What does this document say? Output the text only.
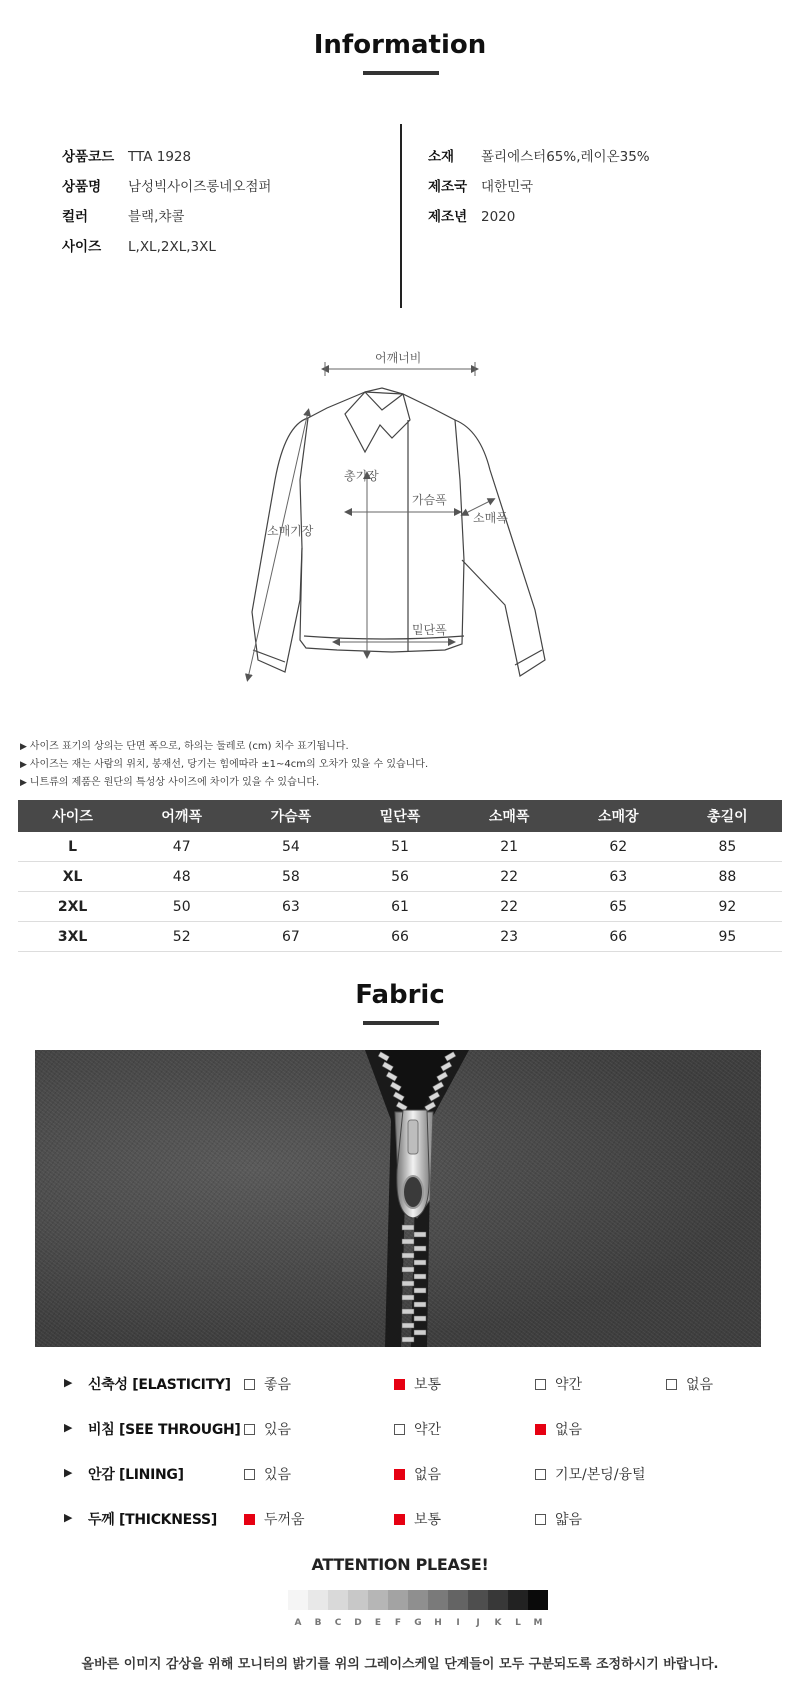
Information
상품코드 TTA 1928
상품명 남성빅사이즈롱네오점퍼
컬러	블랙,챠콜
사이즈 L,XL,2XL,3XL
소재 폴리에스터65%,레이온35%
제조국 대한민국
제조년 2020
어깨너비
총기장
가슴폭
소매폭
소매기장
밑단폭
▶ 사이즈 표기의 상의는 단면 폭으로, 하의는 둘레로 (cm) 치수 표기됩니다.
▶ 사이즈는 재는 사람의 위치, 봉재선, 당기는 힘에따라 ±1~4cm의 오차가 있을 수 있습니다.
▶ 니트류의 제품은 원단의 특성상 사이즈에 차이가 있을 수 있습니다.
사이즈	어깨폭	가슴폭	밑단폭	소매폭	소매장	총길이
L	47	54	51	21	62	85
XL	48	58	56	22	63	88
2XL	50	63	61	22	65	92
3XL	52	67	66	23	66	95
Fabric
▶ 신축성 [ELASTICITY]	좋음	보통	약간	없음
▶ 비침 [SEE THROUGH]	있음	약간	없음
▶ 안감 [LINING]	있음	없음	기모/본딩/융털
▶ 두께 [THICKNESS]	두꺼움	보통	얇음
ATTENTION PLEASE!
A	B	C	D	E	F	G	H	I	J	K	L	M
올바른 이미지 감상을 위해 모니터의 밝기를 위의 그레이스케일 단계들이 모두 구분되도록 조정하시기 바랍니다.
